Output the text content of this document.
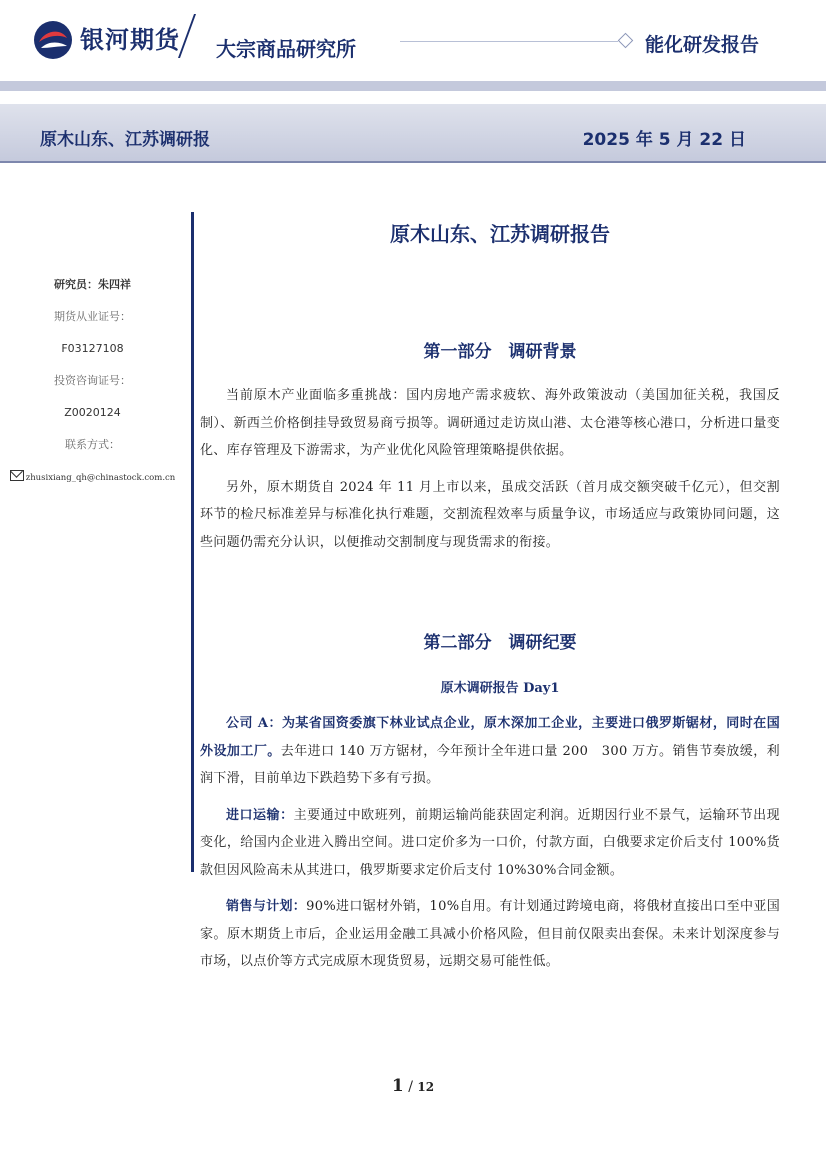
银河期货 大宗商品研究所	能化研发报告
原木山东、江苏调研报	2025 年 5 月 22 日
研究员：朱四祥
期货从业证号：
F03127108
投资咨询证号：
Z0020124
联系方式：
zhusixiang_qh@chinastock.com.cn
原木山东、江苏调研报告
第一部分　调研背景

当前原木产业面临多重挑战：国内房地产需求疲软、海外政策波动（美国加征关税，我国反制）、新西兰价格倒挂导致贸易商亏损等。调研通过走访岚山港、太仓港等核心港口，分析进口量变化、库存管理及下游需求，为产业优化风险管理策略提供依据。

另外，原木期货自 2024 年 11 月上市以来，虽成交活跃（首月成交额突破千亿元），但交割环节的检尺标准差异与标准化执行难题，交割流程效率与质量争议，市场适应与政策协同问题，这些问题仍需充分认识，以便推动交割制度与现货需求的衔接。

第二部分　调研纪要
原木调研报告 Day1

公司 A：为某省国资委旗下林业试点企业，原木深加工企业，主要进口俄罗斯锯材，同时在国外设加工厂。去年进口 140 万方锯材，今年预计全年进口量 200　300 万方。销售节奏放缓，利润下滑，目前单边下跌趋势下多有亏损。

进口运输：主要通过中欧班列，前期运输尚能获固定利润。近期因行业不景气，运输环节出现变化，给国内企业进入腾出空间。进口定价多为一口价，付款方面，白俄要求定价后支付 100%货款但因风险高未从其进口，俄罗斯要求定价后支付 10%30%合同金额。

销售与计划：90%进口锯材外销，10%自用。有计划通过跨境电商，将俄材直接出口至中亚国家。原木期货上市后，企业运用金融工具减小价格风险，但目前仅限卖出套保。未来计划深度参与市场，以点价等方式完成原木现货贸易，远期交易可能性低。

1 / 12
